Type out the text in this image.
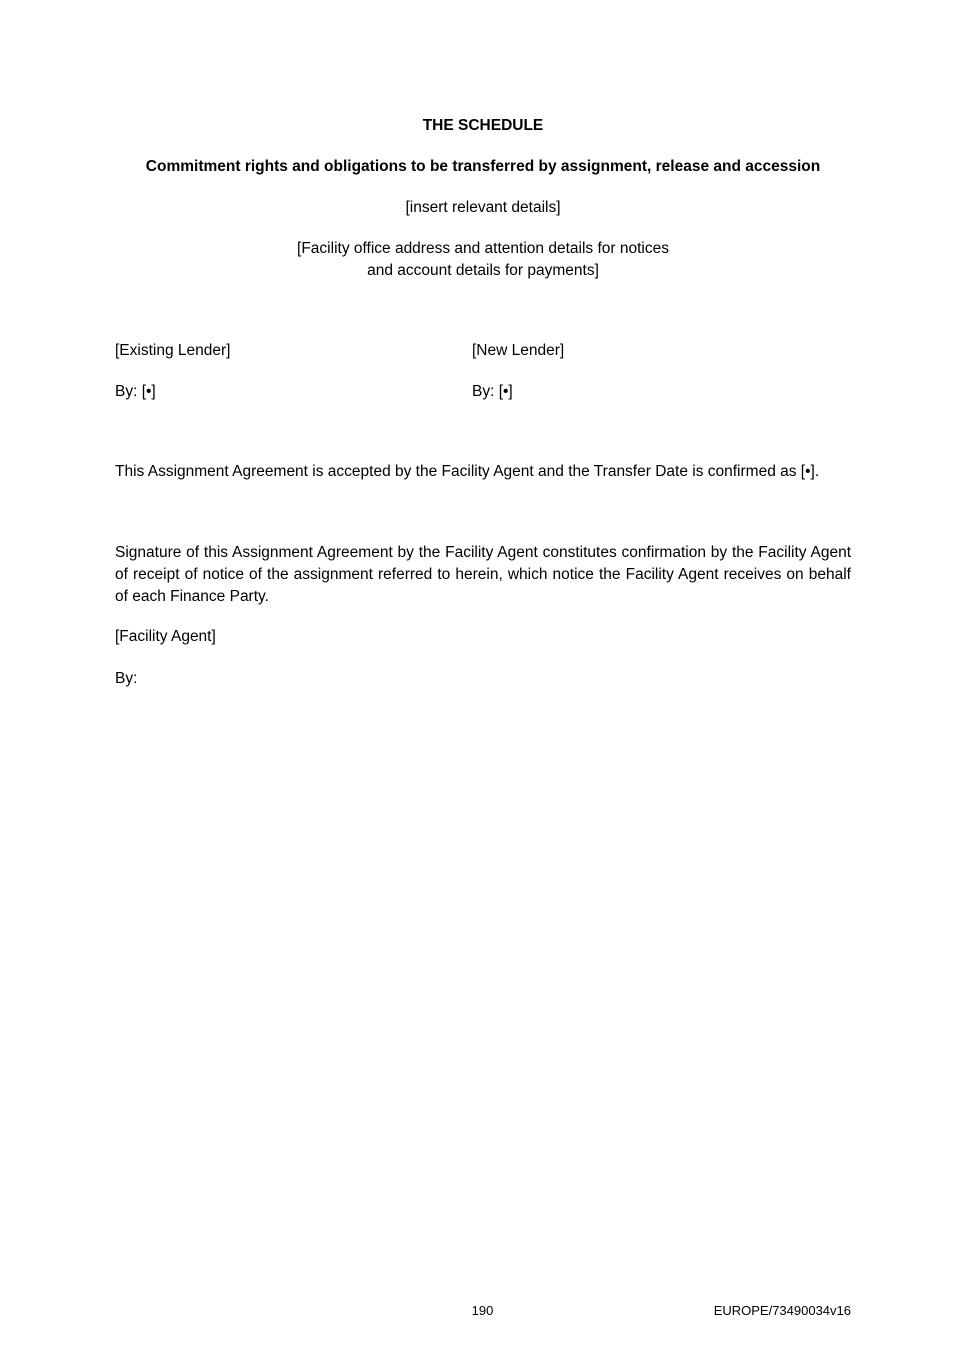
THE SCHEDULE
Commitment rights and obligations to be transferred by assignment, release and accession
[insert relevant details]
[Facility office address and attention details for notices
and account details for payments]
[Existing Lender]
By: [•]
[New Lender]
By: [•]
This Assignment Agreement is accepted by the Facility Agent and the Transfer Date is confirmed as [•].
Signature of this Assignment Agreement by the Facility Agent constitutes confirmation by the Facility Agent of receipt of notice of the assignment referred to herein, which notice the Facility Agent receives on behalf of each Finance Party.
[Facility Agent]
By:
190	EUROPE/73490034v16
